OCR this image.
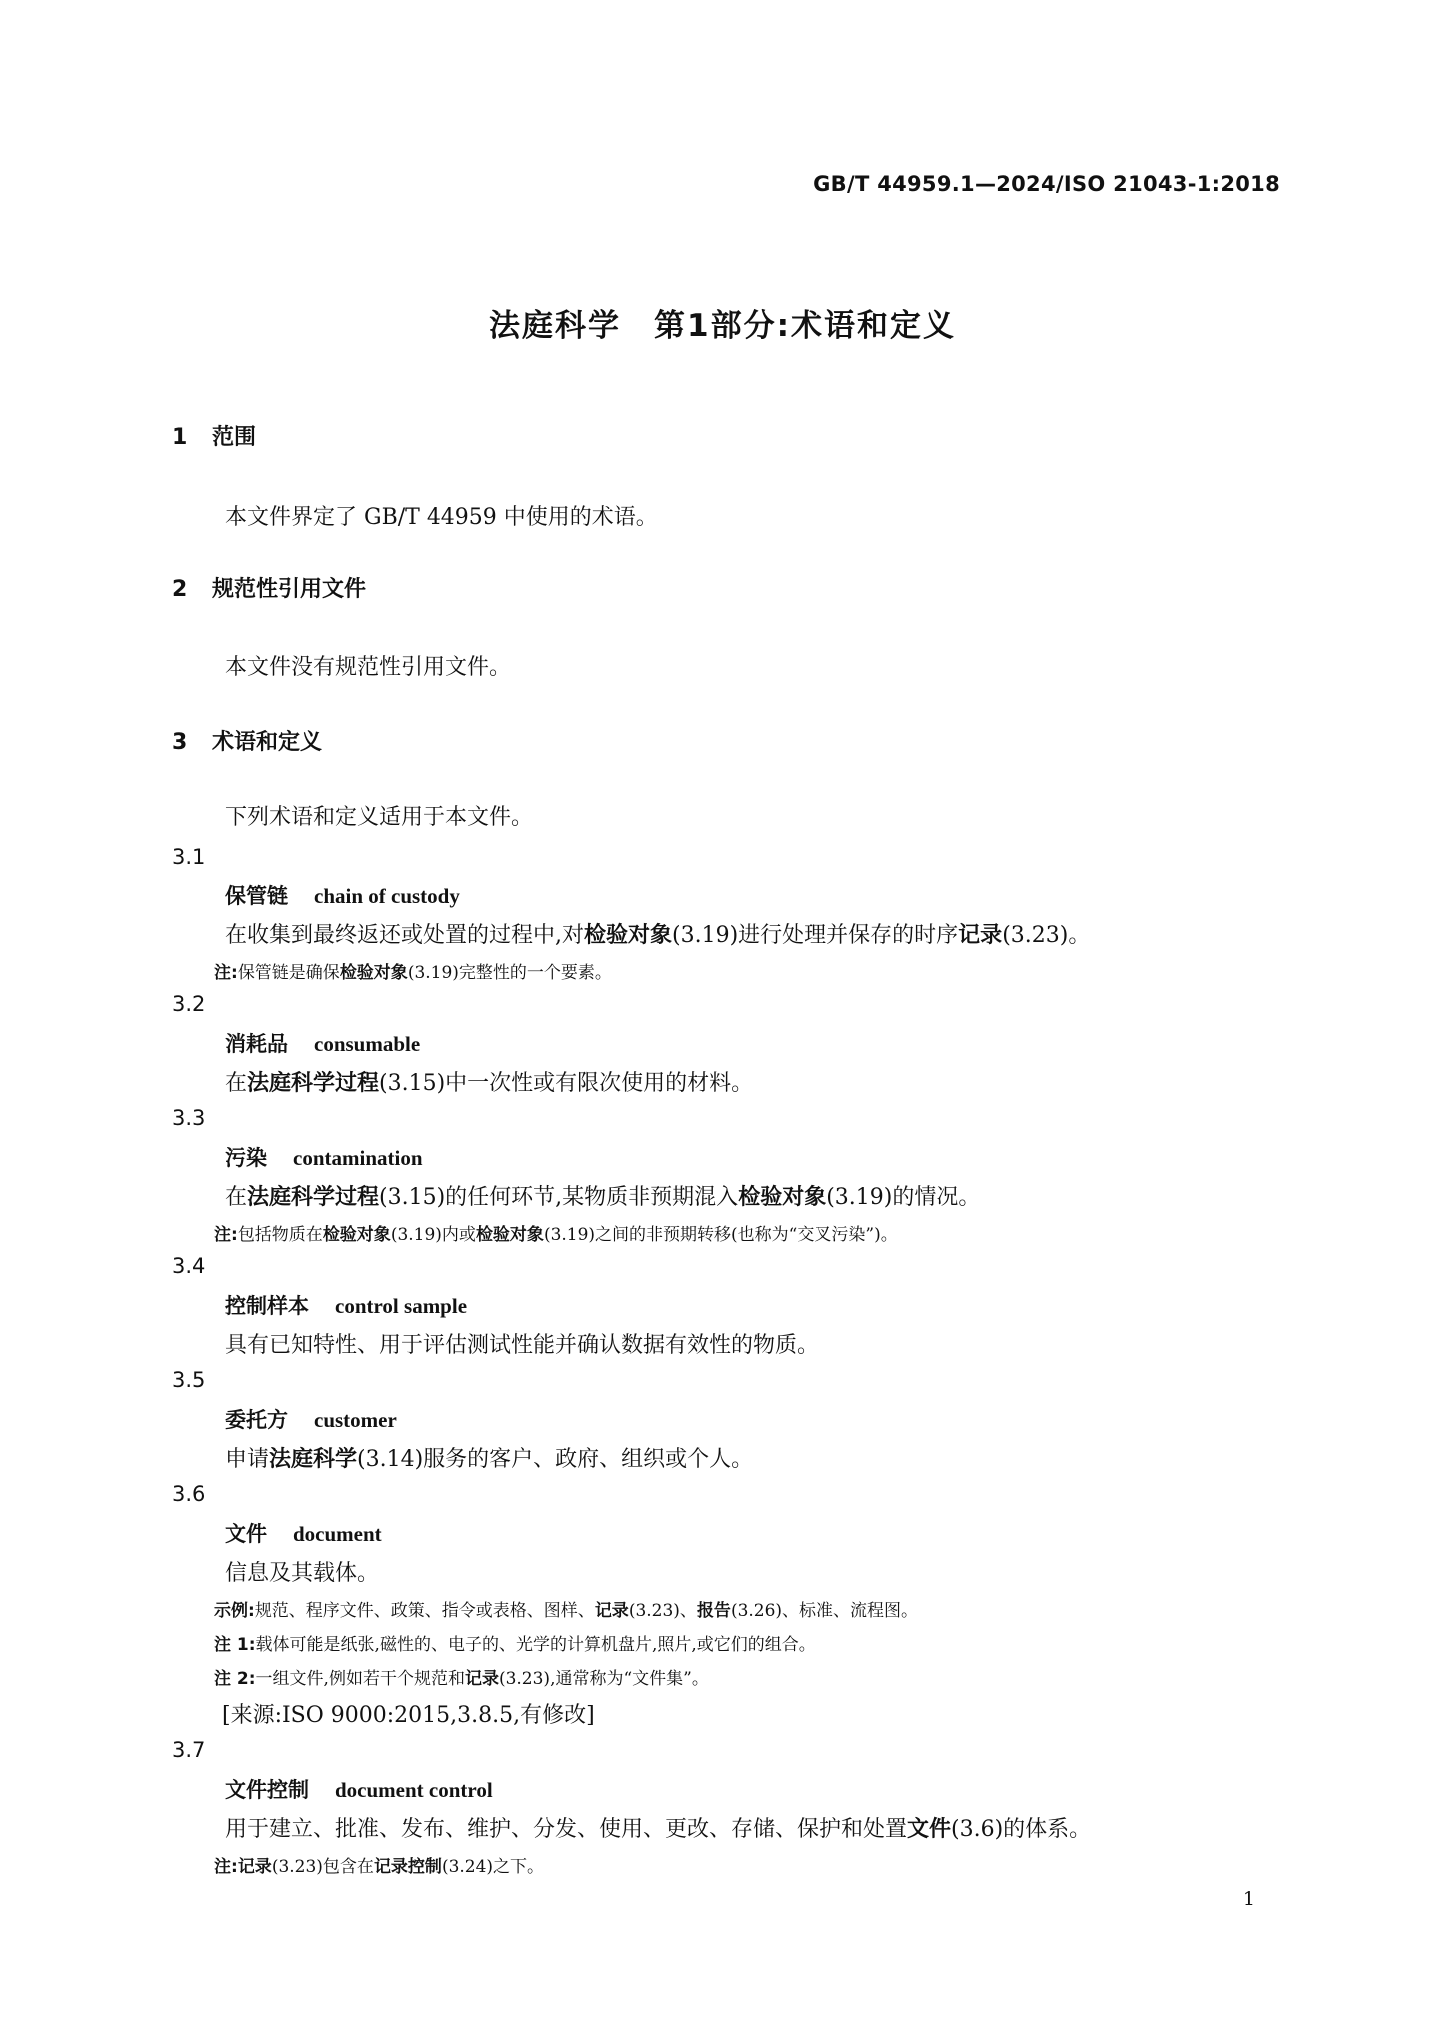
GB/T 44959.1—2024/ISO 21043-1:2018
法庭科学　第1部分:术语和定义
1 范围
本文件界定了 GB/T 44959 中使用的术语。
2 规范性引用文件
本文件没有规范性引用文件。
3 术语和定义
下列术语和定义适用于本文件。
3.1
保管链 chain of custody
在收集到最终返还或处置的过程中,对检验对象(3.19)进行处理并保存的时序记录(3.23)。
注:保管链是确保检验对象(3.19)完整性的一个要素。
3.2
消耗品 consumable
在法庭科学过程(3.15)中一次性或有限次使用的材料。
3.3
污染 contamination
在法庭科学过程(3.15)的任何环节,某物质非预期混入检验对象(3.19)的情况。
注:包括物质在检验对象(3.19)内或检验对象(3.19)之间的非预期转移(也称为“交叉污染”)。
3.4
控制样本 control sample
具有已知特性、用于评估测试性能并确认数据有效性的物质。
3.5
委托方 customer
申请法庭科学(3.14)服务的客户、政府、组织或个人。
3.6
文件 document
信息及其载体。
示例:规范、程序文件、政策、指令或表格、图样、记录(3.23)、报告(3.26)、标准、流程图。
注 1:载体可能是纸张,磁性的、电子的、光学的计算机盘片,照片,或它们的组合。
注 2:一组文件,例如若干个规范和记录(3.23),通常称为“文件集”。
[来源:ISO 9000:2015,3.8.5,有修改]
3.7
文件控制 document control
用于建立、批准、发布、维护、分发、使用、更改、存储、保护和处置文件(3.6)的体系。
注:记录(3.23)包含在记录控制(3.24)之下。
1
